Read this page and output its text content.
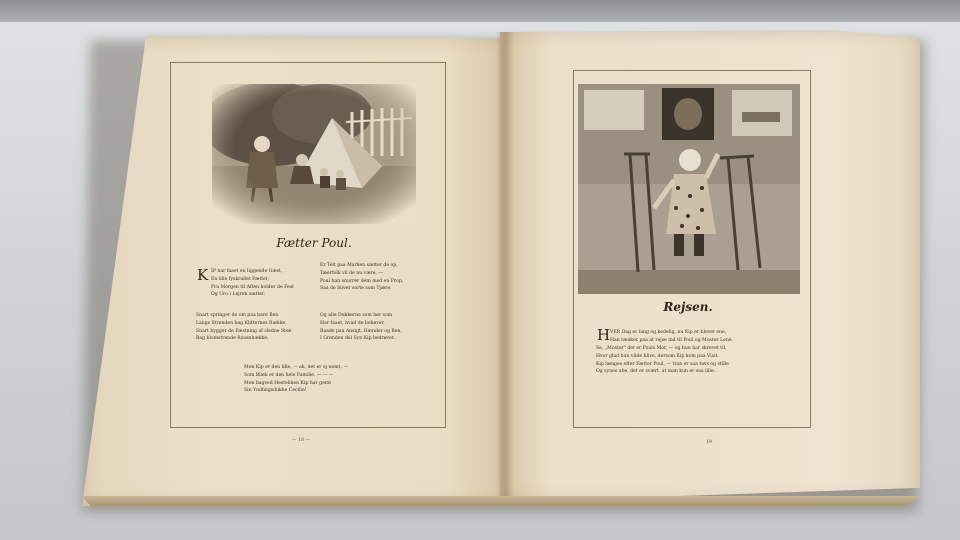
Fætter Poul.
K IP har faaet en liggende Gæst,
En lille fyskrallet Fætter,
Fra Morgen til Aften holder de Fest
Og Uro i Lejren sætter.
Er Telt paa Marken sætter de op,
Tæerfolk vil de nu være, —
Poul han snurrer dem med en Prop,
Saa de bliver sorte som Tjære.
Snart springer de om paa bare Ben
Langs Strønden bag Klitternes Række,
Snart bygger de Fæstning af sledne Sten
Bag blomstrende Rosenhække.
Og alle Dukkerne som hør som
Har faaet, hvad de behøver,
Baade paa Ansigt, Hænder og Ben,
I Grønden del Syn Kip bedrøver.
Men Kip er den lille, — ak, det er ej nemt, —
Som Blæk er den hele Familie, — — —
Men bagved Hestekken Kip har gemt
Sin Yndlingsdukke Cecilie!
— 18 —
Rejsen.
H VER Dag er lang og kedelig, nu Kip er blevet ene,
Han tænker paa at rejse ind til Poul og Moster Lene.
Se, „Moster" det er Pouls Mor, — og hun har skrevet til,
Hvor glad hun vilde blive, dersom Kip kom paa Visit.
Kip længes efter Fætter Poul, — tran er saa tavs og stille
Og synes ube, det er svært, at man kun er saa lille.
19
